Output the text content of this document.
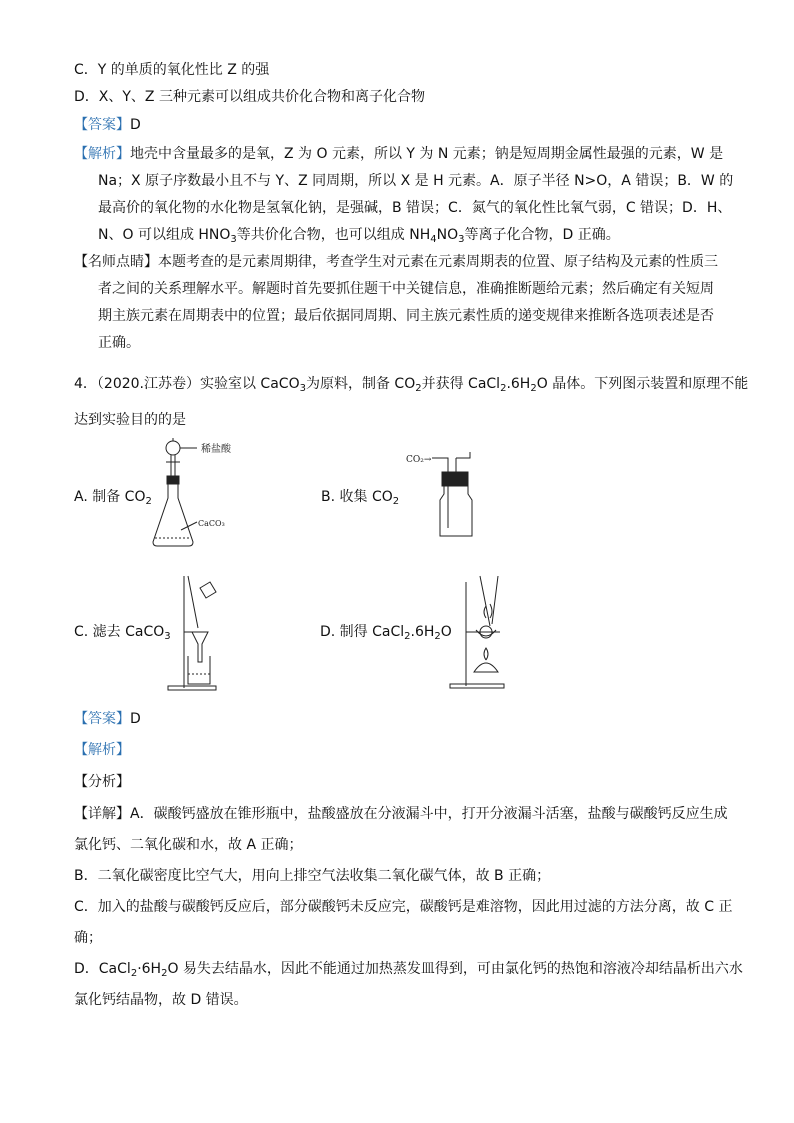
C．Y 的单质的氧化性比 Z 的强
D．X、Y、Z 三种元素可以组成共价化合物和离子化合物
【答案】D
【解析】地壳中含量最多的是氧，Z 为 O 元素，所以 Y 为 N 元素；钠是短周期金属性最强的元素，W 是
Na；X 原子序数最小且不与 Y、Z 同周期，所以 X 是 H 元素。A．原子半径 N>O，A 错误；B．W 的
最高价的氧化物的水化物是氢氧化钠，是强碱，B 错误；C．氮气的氧化性比氧气弱，C 错误；D．H、
N、O 可以组成 $HNO_3$等共价化合物，也可以组成 $NH_4NO_3$等离子化合物，D 正确。
【名师点睛】本题考查的是元素周期律，考查学生对元素在元素周期表的位置、原子结构及元素的性质三
者之间的关系理解水平。解题时首先要抓住题干中关键信息，准确推断题给元素；然后确定有关短周
期主族元素在周期表中的位置；最后依据同周期、同主族元素性质的递变规律来推断各选项表述是否
正确。
4．（2020.江苏卷）实验室以 CaCO$_3$为原料，制备 $CO_2$并获得 $CaCl_2.6H_2O$ 晶体。下列图示装置和原理不能
达到实验目的的是
A. 制备 $CO_2$
稀盐酸
CaCO₃
B. 收集 $CO_2$
CO₂→
C. 滤去 CaCO$_3$	D. 制得 $CaCl_2.6H_2O$
【答案】D
【解析】
【分析】
【详解】A．碳酸钙盛放在锥形瓶中，盐酸盛放在分液漏斗中，打开分液漏斗活塞，盐酸与碳酸钙反应生成
氯化钙、二氧化碳和水，故 A 正确；
B．二氧化碳密度比空气大，用向上排空气法收集二氧化碳气体，故 B 正确；
C．加入的盐酸与碳酸钙反应后，部分碳酸钙未反应完，碳酸钙是难溶物，因此用过滤的方法分离，故 C 正
确；
D．$CaCl_2\cdot 6H_2O$ 易失去结晶水，因此不能通过加热蒸发皿得到，可由氯化钙的热饱和溶液冷却结晶析出六水
氯化钙结晶物，故 D 错误。
